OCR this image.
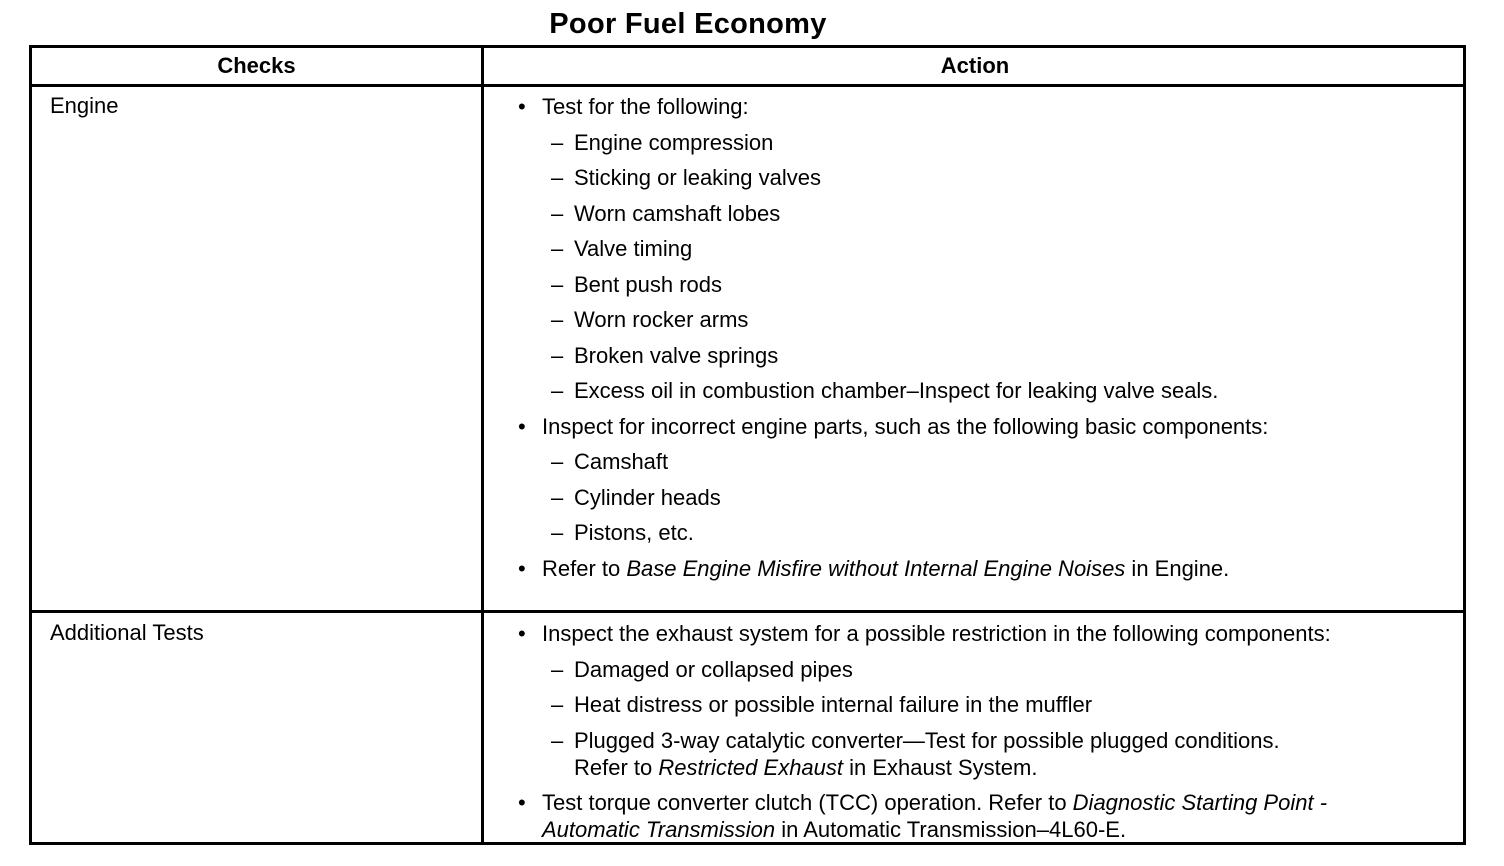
Poor Fuel Economy
Checks	Action
Engine	• Test for the following:
– Engine compression
– Sticking or leaking valves
– Worn camshaft lobes
– Valve timing
– Bent push rods
– Worn rocker arms
– Broken valve springs
– Excess oil in combustion chamber–Inspect for leaking valve seals.
• Inspect for incorrect engine parts, such as the following basic components:
– Camshaft
– Cylinder heads
– Pistons, etc.
• Refer to Base Engine Misfire without Internal Engine Noises in Engine.
Additional Tests	• Inspect the exhaust system for a possible restriction in the following components:
– Damaged or collapsed pipes
– Heat distress or possible internal failure in the muffler
– Plugged 3-way catalytic converter—Test for possible plugged conditions.
Refer to Restricted Exhaust in Exhaust System.
• Test torque converter clutch (TCC) operation. Refer to Diagnostic Starting Point -
Automatic Transmission in Automatic Transmission–4L60-E.
